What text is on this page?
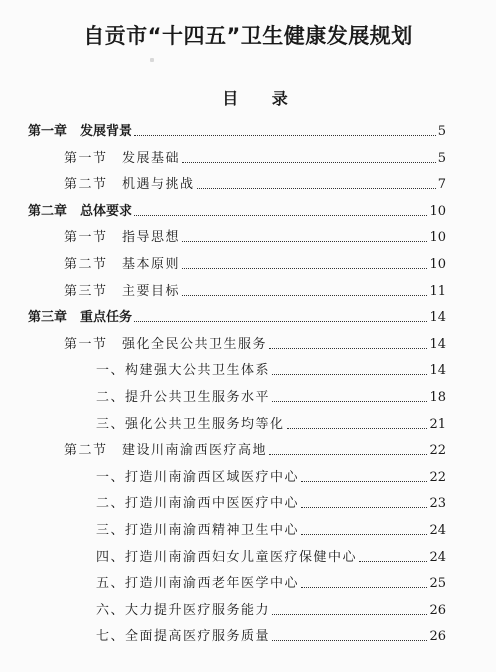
自贡市“十四五”卫生健康发展规划
目 录
第一章　发展背景	5
第一节　发展基础	5
第二节　机遇与挑战	7
第二章　总体要求	10
第一节　指导思想	10
第二节　基本原则	10
第三节　主要目标	11
第三章　重点任务	14
第一节　强化全民公共卫生服务	14
一、构建强大公共卫生体系	14
二、提升公共卫生服务水平	18
三、强化公共卫生服务均等化	21
第二节　建设川南渝西医疗高地	22
一、打造川南渝西区域医疗中心	22
二、打造川南渝西中医医疗中心	23
三、打造川南渝西精神卫生中心	24
四、打造川南渝西妇女儿童医疗保健中心	24
五、打造川南渝西老年医学中心	25
六、大力提升医疗服务能力	26
七、全面提高医疗服务质量	26
